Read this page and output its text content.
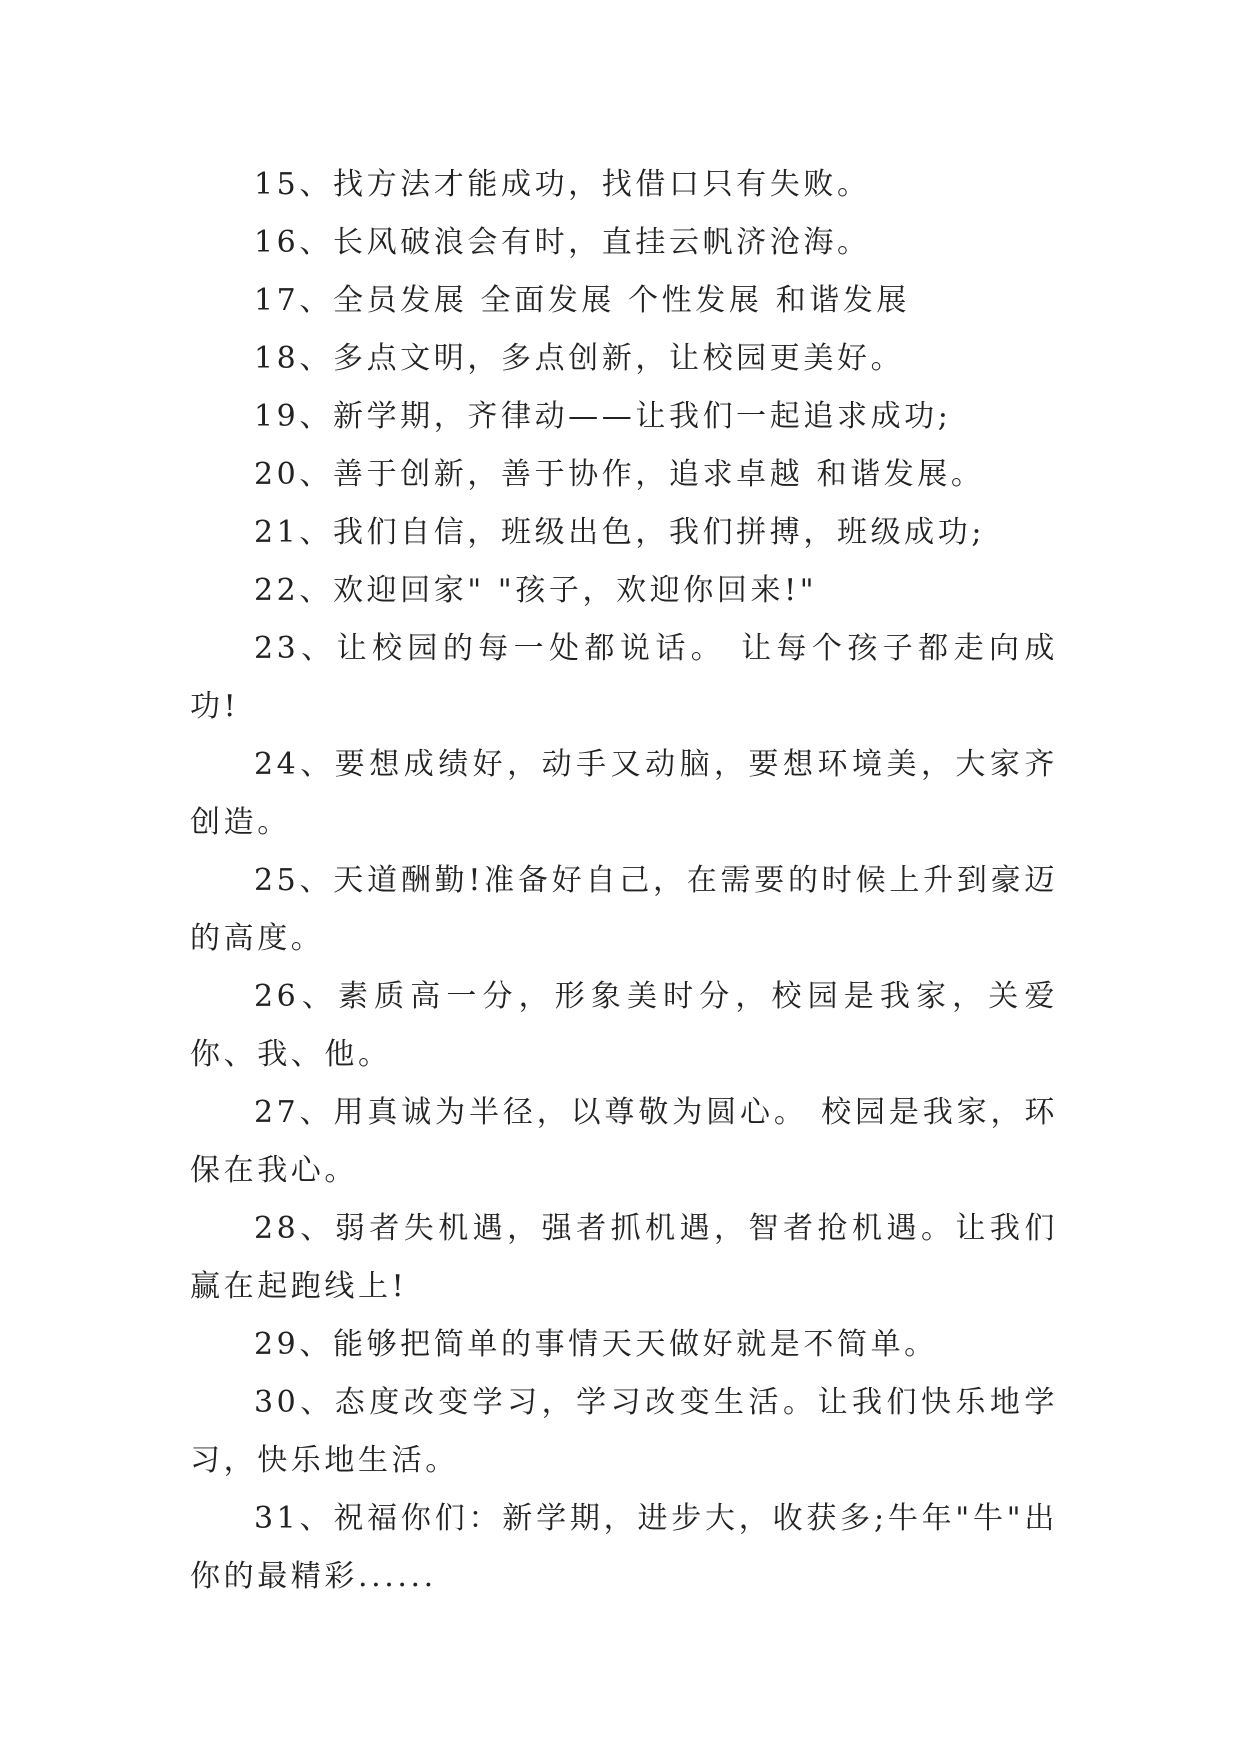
15、找方法才能成功，找借口只有失败。

16、长风破浪会有时，直挂云帆济沧海。

17、全员发展 全面发展 个性发展 和谐发展

18、多点文明，多点创新，让校园更美好。

19、新学期，齐律动——让我们一起追求成功;

20、善于创新，善于协作，追求卓越 和谐发展。

21、我们自信，班级出色，我们拼搏，班级成功;

22、欢迎回家" "孩子，欢迎你回来!"

23、让校园的每一处都说话。 让每个孩子都走向成功!

24、要想成绩好，动手又动脑，要想环境美，大家齐创造。

25、天道酬勤!准备好自己，在需要的时候上升到豪迈的高度。

26、素质高一分，形象美时分，校园是我家，关爱你、我、他。

27、用真诚为半径，以尊敬为圆心。 校园是我家，环保在我心。

28、弱者失机遇，强者抓机遇，智者抢机遇。让我们赢在起跑线上!

29、能够把简单的事情天天做好就是不简单。

30、态度改变学习，学习改变生活。让我们快乐地学习，快乐地生活。

31、祝福你们：新学期，进步大，收获多;牛年"牛"出你的最精彩......
